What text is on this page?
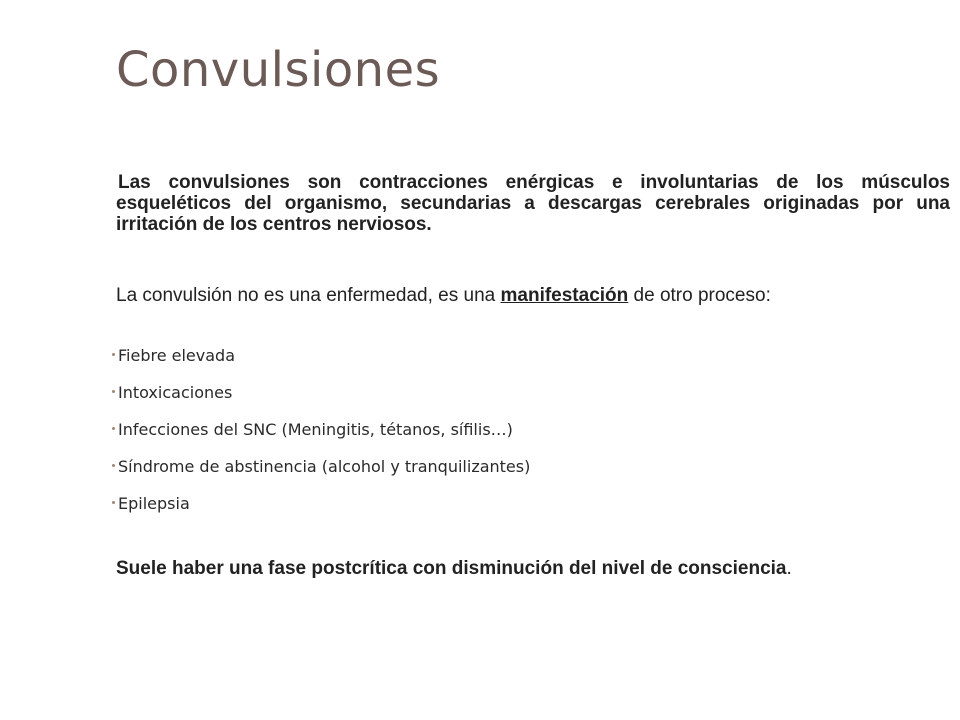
Convulsiones

Las convulsiones son contracciones enérgicas e involuntarias de los músculos esqueléticos del organismo, secundarias a descargas cerebrales originadas por una irritación de los centros nerviosos.

La convulsión no es una enfermedad, es una manifestación de otro proceso:

Fiebre elevada
Intoxicaciones
Infecciones del SNC (Meningitis, tétanos, sífilis…)
Síndrome de abstinencia (alcohol y tranquilizantes)
Epilepsia

Suele haber una fase postcrítica con disminución del nivel de consciencia.
